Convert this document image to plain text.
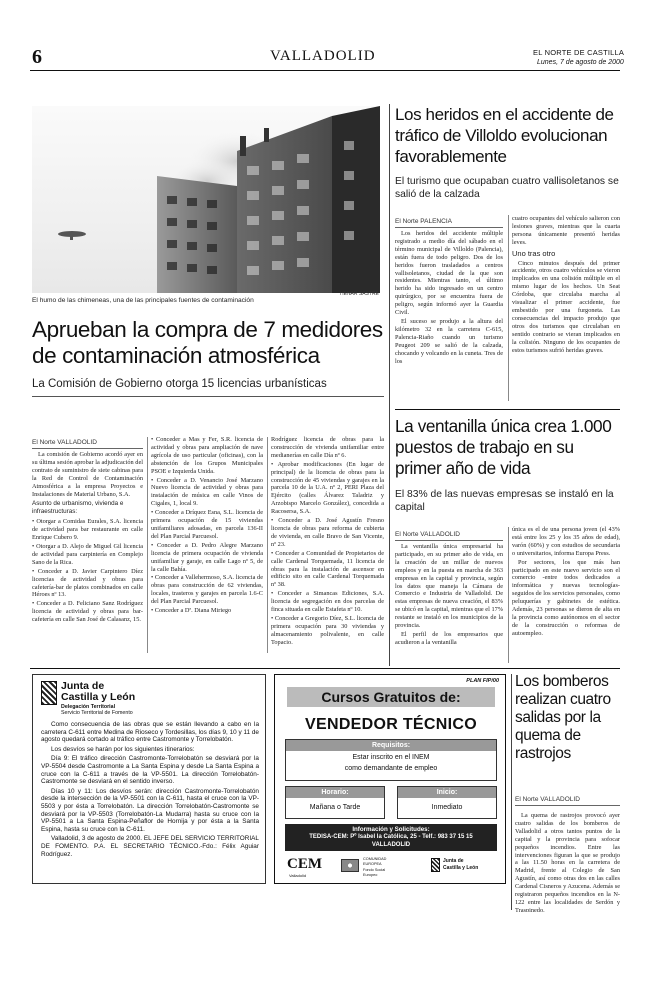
6	VALLADOLID	EL NORTE DE CASTILLA
Lunes, 7 de agosto de 2000
El humo de las chimeneas, una de las principales fuentes de contaminación
HENAR SASTRE
Aprueban la compra de 7 medidores de contaminación atmosférica
La Comisión de Gobierno otorga 15 licencias urbanísticas
El Norte VALLADOLID

La comisión de Gobierno acordó ayer en su última sesión aprobar la adjudicación del contrato de suministro de siete cabinas para la Red de Control de Contaminación Atmosférica a la empresa Proyectos e Instalaciones de Material Urbano, S.A.

Asunto de urbanismo, vivienda e infraestructuras:

• Otorgar a Comidas Eurales, S.A. licencia de actividad para bar restaurante en calle Enrique Cubero 9.

• Otorgar a D. Alejo de Miguel Gil licencia de actividad para carpintería en Complejo Sano de la Rica.

• Conceder a D. Javier Carpintero Díez licencias de actividad y obras para cafetería-bar de platos combinados en calle Héroes nº 13.

• Conceder a D. Feliciano Sanz Rodríguez licencia de actividad y obras para bar-cafetería en calle San José de Calasanz, 15.

• Conceder a Mas y Fer, S.R. licencia de actividad y obras para ampliación de nave agrícola de uso particular (oficinas), con la abstención de los Grupos Municipales PSOE e Izquierda Unida.

• Conceder a D. Venancio José Marzano Nuevo licencia de actividad y obras para instalación de música en calle Vinos de Cigales, 1, local 9.

• Conceder a Dríquez Esna, S.L. licencia de primera ocupación de 15 viviendas unifamiliares adosadas, en parcela 136-II del Plan Parcial Parcuesol.

• Conceder a D. Pedro Alegre Marzano licencia de primera ocupación de vivienda unifamiliar y garaje, en calle Lago nº 5, de la calle Bahía.

• Conceder a Vallehermoso, S.A. licencia de obras para construcción de 62 viviendas, locales, trasteros y garajes en parcela 1.6-C del Plan Parcial Parcuesol.

• Conceder a Dª. Diana Miriego

Rodríguez licencia de obras para la construcción de vivienda unifamiliar entre medianerías en calle Día nº 6.

• Aprobar modificaciones (En lugar de principal) de la licencia de obras para la construcción de 45 viviendas y garajes en la parcela 10 de la U.A. nº 2, PERI Plaza del Ejército (calles Álvarez Taladriz y Arzobispo Marcelo González), concedida a Racosersa, S.A.

• Conceder a D. José Agustín Fresno licencia de obras para reforma de cubierta de vivienda, en calle Bravo de San Vicente, nº 23.

• Conceder a Comunidad de Propietarios de calle Cardenal Torquemada, 11 licencia de obras para la instalación de ascensor en edificio sito en calle Cardenal Torquemada nº 38.

• Conceder a Simancas Ediciones, S.A. licencia de segregación en dos parcelas de finca situada en calle Estafeta nº 10.

• Conceder a Gregorio Díez, S.L. licencia de primera ocupación para 30 viviendas y almacenamiento polivalente, en calle Topacio.

Los heridos en el accidente de tráfico de Villoldo evolucionan favorablemente
El turismo que ocupaban cuatro vallisoletanos se salió de la calzada
El Norte PALENCIA

Los heridos del accidente múltiple registrado a medio día del sábado en el término municipal de Villoldo (Palencia), están fuera de todo peligro. Dos de los heridos fueron trasladados a centros vallisoletanos, ciudad de la que son residentes. Mientras tanto, el último herido ha sido ingresado en un centro quirúrgico, por se encuentra fuera de peligro, según informó ayer la Guardia Civil.

El suceso se produjo a la altura del kilómetro 32 en la carretera C-615, Palencia-Riaño cuando un turismo Peugeot 209 se salió de la calzada, chocando y volcando en la cuneta. Tres de los

cuatro ocupantes del vehículo salieron con lesiones graves, mientras que la cuarta persona únicamente presentó heridas leves.

Uno tras otro

Cinco minutos después del primer accidente, otros cuatro vehículos se vieron implicados en una colisión múltiple en el mismo lugar de los hechos. Un Seat Córdoba, que circulaba marcha al visualizar el primer accidente, fue embestido por una furgoneta. Las consecuencias del impacto produjo que otros dos turismos que circulaban en sentido contrario se vieran implicados en la colisión. Ninguno de los ocupantes de estos turismos sufrió heridas graves.

La ventanilla única crea 1.000 puestos de trabajo en su primer año de vida
El 83% de las nuevas empresas se instaló en la capital
El Norte VALLADOLID

La ventanilla única empresarial ha participado, en su primer año de vida, en la creación de un millar de nuevos empleos y en la puesta en marcha de 363 empresas en la capital y provincia, según los datos que maneja la Cámara de Comercio e Industria de Valladolid. De estas empresas de nueva creación, el 83% se ubicó en la capital, mientras que el 17% restante se instaló en los municipios de la provincia.

El perfil de los empresarios que acudieron a la ventanilla

única es el de una persona joven (el 43% está entre los 25 y los 35 años de edad), varón (60%) y con estudios de secundaria o universitarios, informa Europa Press.

Por sectores, los que más han participado en este nuevo servicio son el comercio -entre todos dedicados a informática y nuevas tecnologías- seguidos de los servicios personales, como peluquerías y gabinetes de estética. Además, 23 personas se dieron de alta en la provincia como autónomos en el sector de la construcción o reformas de autoempleo.

Junta de
Castilla y León
Delegación Territorial
Servicio Territorial de Fomento

Como consecuencia de las obras que se están llevando a cabo en la carretera C-611 entre Medina de Rioseco y Tordesillas, los días 9, 10 y 11 de agosto quedará cortado al tráfico entre Castromonte y Torrelobatón.

Los desvíos se harán por los siguientes itinerarios:

Día 9: El tráfico dirección Castromonte-Torrelobatón se desviará por la VP-5504 desde Castromonte a La Santa Espina y desde La Santa Espina a cruce con la C-611 a través de la VP-5501. La dirección Torrelobatón-Castromonte se desviará en el sentido inverso.

Días 10 y 11: Los desvíos serán: dirección Castromonte-Torrelobatón desde la intersección de la VP-5501 con la C-611, hasta el cruce con la VP-5503 y por ésta a Torrelobatón. La dirección Torrelobatón-Castromonte se desviará por la VP-5503 (Torrelobatón-La Mudarra) hasta su cruce con la VP-5501 a La Santa Espina-Peñaflor de Hornija y por ésta a la Santa Espina, hasta su cruce con la C-611.

Valladolid, 3 de agosto de 2000. EL JEFE DEL SERVICIO TERRITORIAL DE FOMENTO. P.A. EL SECRETARIO TÉCNICO.-Fdo.: Félix Aguiar Rodríguez.

PLAN FIP/00
Cursos Gratuitos de:
VENDEDOR TÉCNICO
Requisitos:
Estar inscrito en el INEM
como demandante de empleo
Horario:
Mañana o Tarde
Inicio:
Inmediato
Información y Solicitudes:
TEDISA-CEM: Pº Isabel la Católica, 25 - Telf.: 983 37 15 15
VALLADOLID
CEM
Valladolid
COMUNIDAD
EUROPEA
Fondo Social
Europeo
Junta de
Castilla y León
Los bomberos realizan cuatro salidas por la quema de rastrojos
El Norte VALLADOLID

La quema de rastrojos provocó ayer cuatro salidas de los bomberos de Valladolid a otros tantos puntos de la capital y la provincia para sofocar pequeños incendios. Entre las intervenciones figuran la que se produjo a las 11.50 horas en la carretera de Madrid, frente al Colegio de San Agustín, así como otras dos en las calles Cardenal Cisneros y Azucena. Además se registraron pequeños incendios en la N-122 entre las localidades de Serdón y Traspinedo.
